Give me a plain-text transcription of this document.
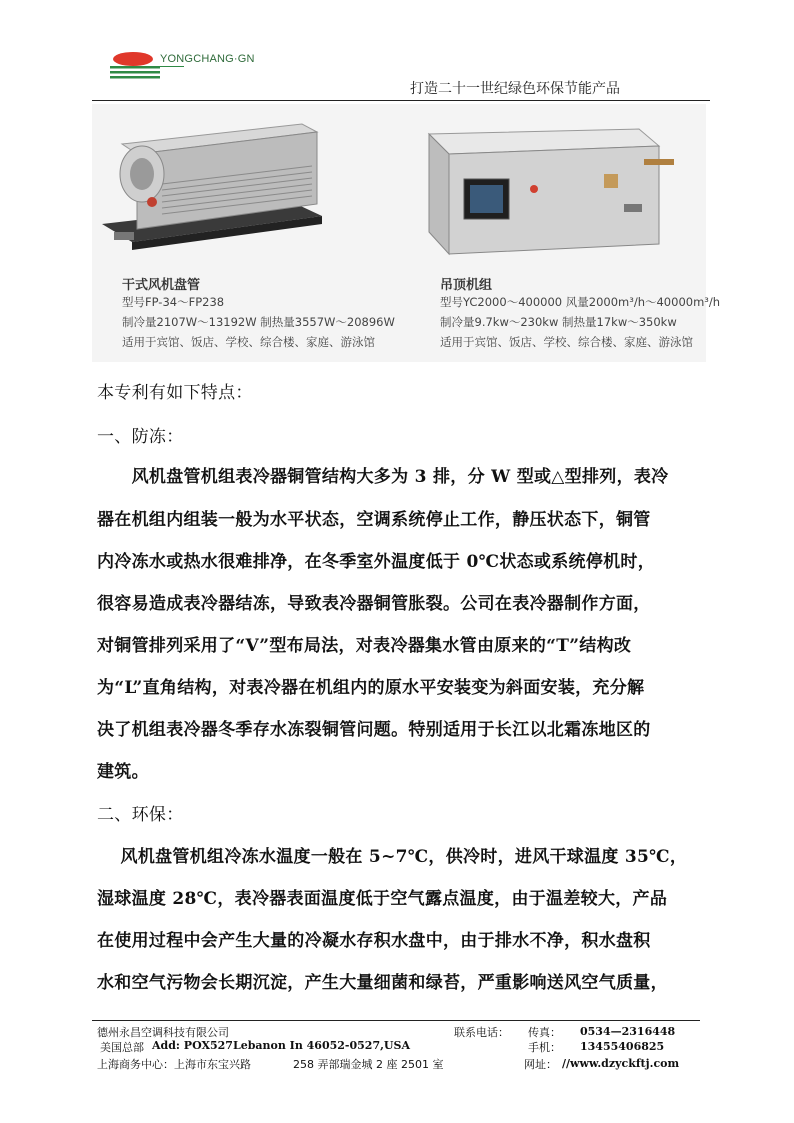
YONGCHANG·GN
打造二十一世纪绿色环保节能产品
干式风机盘管
型号FP-34～FP238
制冷量2107W～13192W 制热量3557W～20896W
适用于宾馆、饭店、学校、综合楼、家庭、游泳馆
吊顶机组
型号YC2000～400000 风量2000m³/h～40000m³/h
制冷量9.7kw～230kw 制热量17kw～350kw
适用于宾馆、饭店、学校、综合楼、家庭、游泳馆
本专利有如下特点：
一、防冻：
　　风机盘管机组表冷器铜管结构大多为 3 排，分 W 型或△型排列，表冷
器在机组内组装一般为水平状态，空调系统停止工作，静压状态下，铜管
内冷冻水或热水很难排净，在冬季室外温度低于 0℃状态或系统停机时，
很容易造成表冷器结冻，导致表冷器铜管胀裂。公司在表冷器制作方面，
对铜管排列采用了“V”型布局法，对表冷器集水管由原来的“T”结构改
为“L”直角结构，对表冷器在机组内的原水平安装变为斜面安装，充分解
决了机组表冷器冬季存水冻裂铜管问题。特别适用于长江以北霜冻地区的
建筑。
二、环保：
　 风机盘管机组冷冻水温度一般在 5~7℃，供冷时，进风干球温度 35℃，
湿球温度 28℃，表冷器表面温度低于空气露点温度，由于温差较大，产品
在使用过程中会产生大量的冷凝水存积水盘中，由于排水不净，积水盘积
水和空气污物会长期沉淀，产生大量细菌和绿苔，严重影响送风空气质量，
德州永昌空调科技有限公司
美国总部 Add: POX527Lebanon In 46052-0527,USA
上海商务中心：上海市东宝兴路	258 弄部瑞金城 2 座 2501 室
联系电话： 传真： 0534—2316448
手机： 13455406825
网址： //www.dzyckftj.com
